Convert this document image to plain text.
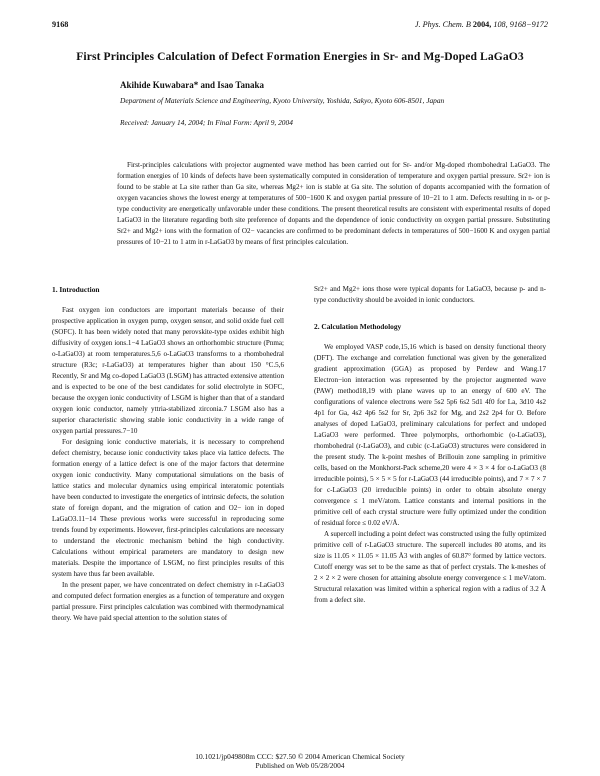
9168	J. Phys. Chem. B 2004, 108, 9168−9172
First Principles Calculation of Defect Formation Energies in Sr- and Mg-Doped LaGaO3
Akihide Kuwabara* and Isao Tanaka
Department of Materials Science and Engineering, Kyoto University, Yoshida, Sakyo, Kyoto 606-8501, Japan
Received: January 14, 2004; In Final Form: April 9, 2004

First-principles calculations with projector augmented wave method has been carried out for Sr- and/or Mg-doped rhombohedral LaGaO3. The formation energies of 10 kinds of defects have been systematically computed in consideration of temperature and oxygen partial pressure. Sr2+ ion is found to be stable at La site rather than Ga site, whereas Mg2+ ion is stable at Ga site. The solution of dopants accompanied with the formation of oxygen vacancies shows the lowest energy at temperatures of 500−1600 K and oxygen partial pressure of 10−21 to 1 atm. Defects resulting in n- or p-type conductivity are energetically unfavorable under these conditions. The present theoretical results are consistent with experimental results of doped LaGaO3 in the literature regarding both site preference of dopants and the dependence of ionic conductivity on oxygen partial pressure. Substituting Sr2+ and Mg2+ ions with the formation of O2− vacancies are confirmed to be predominant defects in temperatures of 500−1600 K and oxygen partial pressures of 10−21 to 1 atm in r-LaGaO3 by means of first principles calculation.

1. Introduction

Fast oxygen ion conductors are important materials because of their prospective application in oxygen pump, oxygen sensor, and solid oxide fuel cell (SOFC). It has been widely noted that many perovskite-type oxides exhibit high diffusivity of oxygen ions.1−4 LaGaO3 shows an orthorhombic structure (Pnma; o-LaGaO3) at room temperatures.5,6 o-LaGaO3 transforms to a rhombohedral structure (R3c; r-LaGaO3) at temperatures higher than about 150 °C.5,6 Recently, Sr and Mg co-doped LaGaO3 (LSGM) has attracted extensive attention and is expected to be one of the best candidates for solid electrolyte in SOFC, because the oxygen ionic conductivity of LSGM is higher than that of a standard oxygen ionic conductor, namely yttria-stabilized zirconia.7 LSGM also has a superior characteristic showing stable ionic conductivity in a wide range of oxygen partial pressures.7−10

For designing ionic conductive materials, it is necessary to comprehend defect chemistry, because ionic conductivity takes place via lattice defects. The formation energy of a lattice defect is one of the major factors that determine oxygen ionic conductivity. Many computational simulations on the basis of lattice statics and molecular dynamics using empirical interatomic potentials have been conducted to investigate the energetics of intrinsic defects, the solution state of foreign dopant, and the migration of cation and O2− ion in doped LaGaO3.11−14 These previous works were successful in reproducing some trends found by experiments. However, first-principles calculations are necessary to understand the electronic mechanism behind the high conductivity. Calculations without empirical parameters are mandatory to design new materials. Despite the importance of LSGM, no first principles results of this system have thus far been available.

In the present paper, we have concentrated on defect chemistry in r-LaGaO3 and computed defect formation energies as a function of temperature and oxygen partial pressure. First principles calculation was combined with thermodynamical theory. We have paid special attention to the solution states of

Sr2+ and Mg2+ ions those were typical dopants for LaGaO3, because p- and n-type conductivity should be avoided in ionic conductors.

2. Calculation Methodology

We employed VASP code,15,16 which is based on density functional theory (DFT). The exchange and correlation functional was given by the generalized gradient approximation (GGA) as proposed by Perdew and Wang.17 Electron−ion interaction was represented by the projector augmented wave (PAW) method18,19 with plane waves up to an energy of 600 eV. The configurations of valence electrons were 5s2 5p6 6s2 5d1 4f0 for La, 3d10 4s2 4p1 for Ga, 4s2 4p6 5s2 for Sr, 2p6 3s2 for Mg, and 2s2 2p4 for O. Before analyses of doped LaGaO3, preliminary calculations for perfect and undoped LaGaO3 were performed. Three polymorphs, orthorhombic (o-LaGaO3), rhombohedral (r-LaGaO3), and cubic (c-LaGaO3) structures were considered in the present study. The k-point meshes of Brillouin zone sampling in primitive cells, based on the Monkhorst-Pack scheme,20 were 4 × 3 × 4 for o-LaGaO3 (8 irreducible points), 5 × 5 × 5 for r-LaGaO3 (44 irreducible points), and 7 × 7 × 7 for c-LaGaO3 (20 irreducible points) in order to obtain absolute energy convergence ≤ 1 meV/atom. Lattice constants and internal positions in the primitive cell of each crystal structure were fully optimized under the condition of residual force ≤ 0.02 eV/Å.

A supercell including a point defect was constructed using the fully optimized primitive cell of r-LaGaO3 structure. The supercell includes 80 atoms, and its size is 11.05 × 11.05 × 11.05 Å3 with angles of 60.87° formed by lattice vectors. Cutoff energy was set to be the same as that of perfect crystals. The k-meshes of 2 × 2 × 2 were chosen for attaining absolute energy convergence ≤ 1 meV/atom. Structural relaxation was limited within a spherical region with a radius of 3.2 Å from a defect site.

10.1021/jp049808m CCC: $27.50 © 2004 American Chemical Society
Published on Web 05/28/2004
